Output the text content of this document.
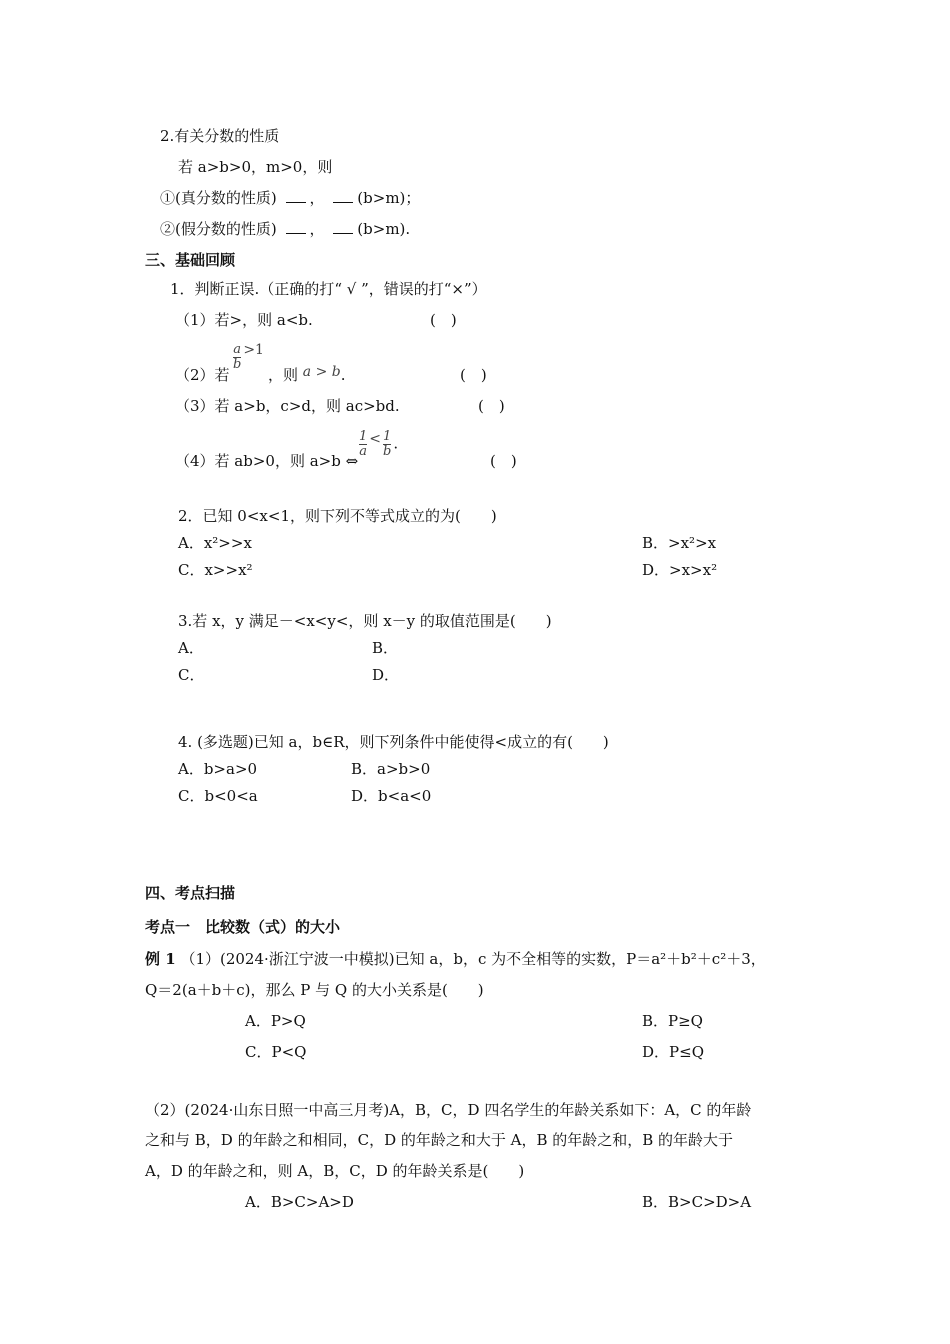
2.有关分数的性质
若 a>b>0，m>0，则
①(真分数的性质) ， (b>m)；
②(假分数的性质) ， (b>m).
三、基础回顾
1．判断正误.（正确的打“ √ ”，错误的打“×”）
（1）若>，则 a<b.	(　)
（2）若
$\frac{a}{b} >1$
，则 a > b.	(　)
（3）若 a>b，c>d，则 ac>bd.	(　)
（4）若 ab>0，则 a>b ⇔
$\frac{1}{a} < \frac{1}{b}$ .
(　)
2．已知 0<x<1，则下列不等式成立的为(　　)
A．x²>>x	B．>x²>x
C．x>>x²	D．>x>x²
3.若 x，y 满足－<x<y<，则 x－y 的取值范围是(　　)
A．	B．
C．	D．
4. (多选题)已知 a，b∈R，则下列条件中能使得<成立的有(　　)
A．b>a>0	B．a>b>0
C．b<0<a	D．b<a<0
四、考点扫描
考点一　比较数（式）的大小
例 1 （1）(2024·浙江宁波一中模拟)已知 a，b，c 为不全相等的实数，P＝a²＋b²＋c²＋3，
Q＝2(a＋b＋c)，那么 P 与 Q 的大小关系是(　　)
A．P>Q	B．P≥Q
C．P<Q	D．P≤Q
（2）(2024·山东日照一中高三月考)A，B，C，D 四名学生的年龄关系如下：A，C 的年龄
之和与 B，D 的年龄之和相同，C，D 的年龄之和大于 A，B 的年龄之和，B 的年龄大于
A，D 的年龄之和，则 A，B，C，D 的年龄关系是(　　)
A．B>C>A>D	B．B>C>D>A
